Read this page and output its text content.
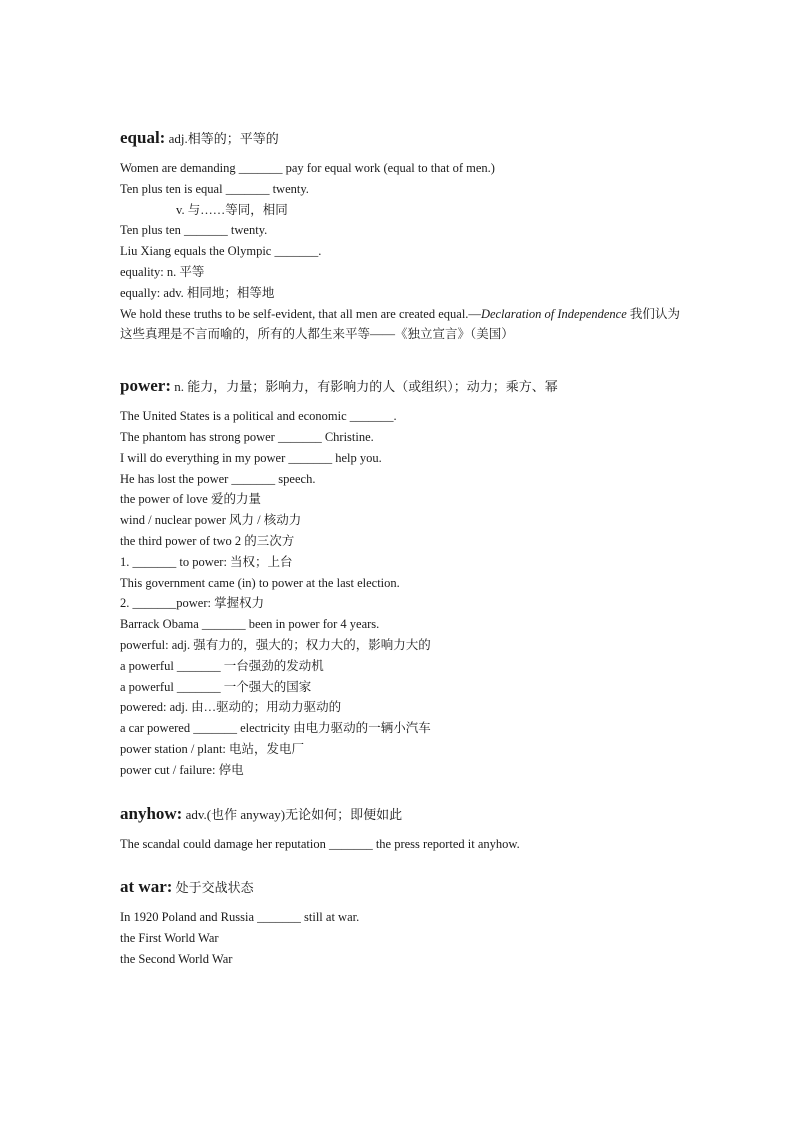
equal: adj.相等的；平等的
Women are demanding _______ pay for equal work (equal to that of men.)
Ten plus ten is equal _______ twenty.
v. 与……等同，相同
Ten plus ten _______ twenty.
Liu Xiang equals the Olympic _______.
equality: n. 平等
equally: adv. 相同地；相等地
We hold these truths to be self-evident, that all men are created equal.—Declaration of Independence 我们认为这些真理是不言而喻的，所有的人都生来平等——《独立宣言》（美国）
power: n. 能力，力量；影响力，有影响力的人（或组织）；动力；乘方、幂
The United States is a political and economic _______.
The phantom has strong power _______ Christine.
I will do everything in my power _______ help you.
He has lost the power _______ speech.
the power of love 爱的力量
wind / nuclear power 风力 / 核动力
the third power of two 2 的三次方
1. _______ to power: 当权；上台
This government came (in) to power at the last election.
2. _______power: 掌握权力
Barrack Obama _______ been in power for 4 years.
powerful: adj. 强有力的，强大的；权力大的，影响力大的
a powerful _______ 一台强劲的发动机
a powerful _______ 一个强大的国家
powered: adj. 由…驱动的；用动力驱动的
a car powered _______ electricity 由电力驱动的一辆小汽车
power station / plant: 电站，发电厂
power cut / failure: 停电
anyhow: adv.(也作 anyway)无论如何；即便如此
The scandal could damage her reputation _______ the press reported it anyhow.
at war: 处于交战状态
In 1920 Poland and Russia _______ still at war.
the First World War
the Second World War
